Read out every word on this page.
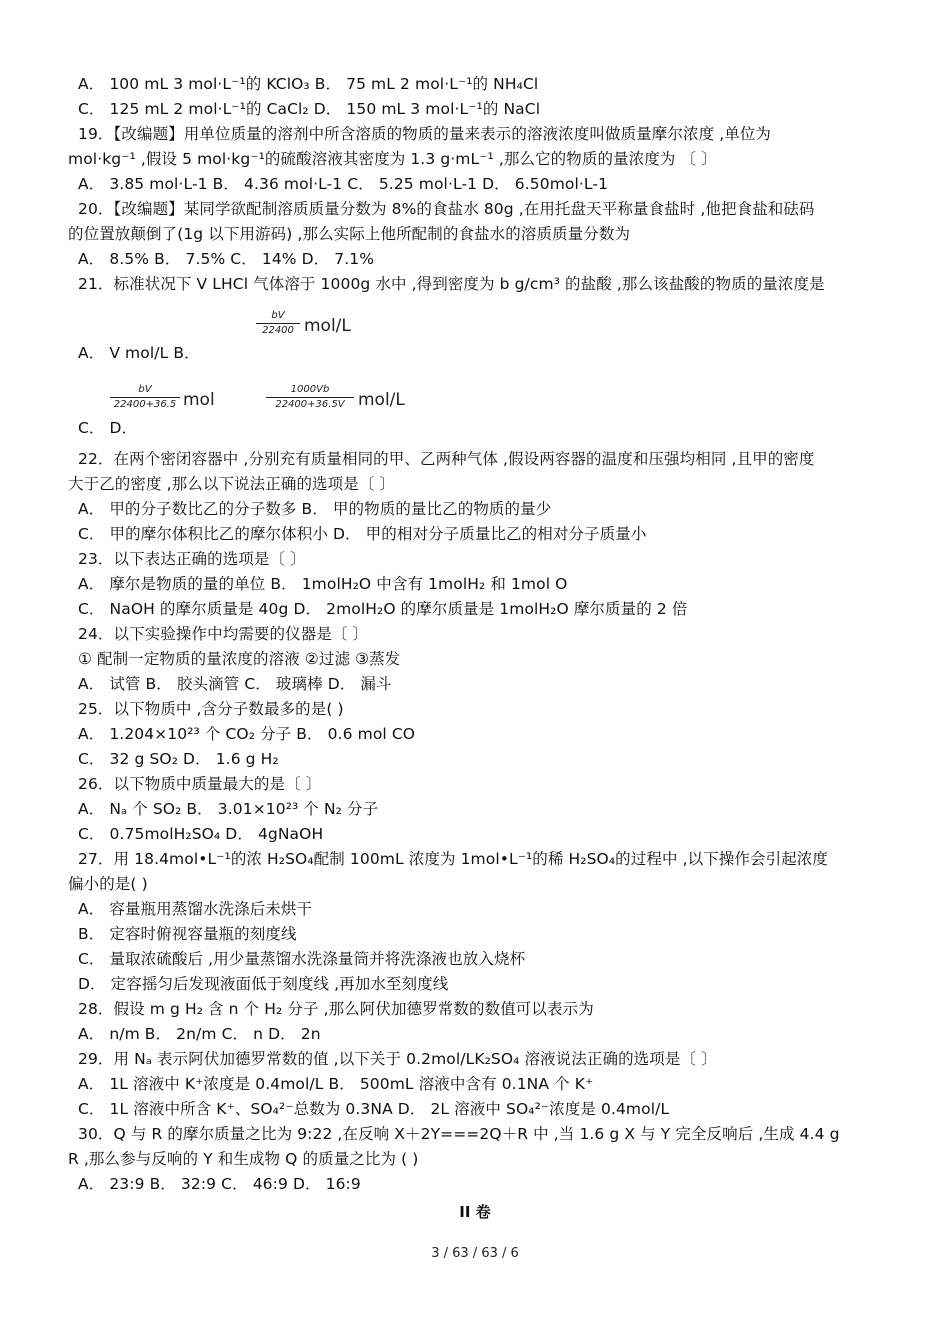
A． 100 mL 3 mol·L⁻¹的 KClO₃ B． 75 mL 2 mol·L⁻¹的 NH₄Cl
C． 125 mL 2 mol·L⁻¹的 CaCl₂ D． 150 mL 3 mol·L⁻¹的 NaCl
19．【改编题】用单位质量的溶剂中所含溶质的物质的量来表示的溶液浓度叫做质量摩尔浓度 ,单位为
mol·kg⁻¹ ,假设 5 mol·kg⁻¹的硫酸溶液其密度为 1.3 g·mL⁻¹ ,那么它的物质的量浓度为 〔 〕
A． 3.85 mol·L-1 B． 4.36 mol·L-1 C． 5.25 mol·L-1 D． 6.50mol·L-1
20．【改编题】某同学欲配制溶质质量分数为 8%的食盐水 80g ,在用托盘天平称量食盐时 ,他把食盐和砝码
的位置放颠倒了(1g 以下用游码) ,那么实际上他所配制的食盐水的溶质质量分数为
A． 8.5% B． 7.5% C． 14% D． 7.1%
21．标准状况下 V LHCl 气体溶于 1000g 水中 ,得到密度为 b g/cm³ 的盐酸 ,那么该盐酸的物质的量浓度是
A． V mol/L B．
bV
22400 mol/L
C． D．
bV
22400+36.5 mol
1000Vb
22400+36.5V mol/L
22．在两个密闭容器中 ,分别充有质量相同的甲、乙两种气体 ,假设两容器的温度和压强均相同 ,且甲的密度
大于乙的密度 ,那么以下说法正确的选项是〔 〕
A． 甲的分子数比乙的分子数多 B． 甲的物质的量比乙的物质的量少
C． 甲的摩尔体积比乙的摩尔体积小 D． 甲的相对分子质量比乙的相对分子质量小
23．以下表达正确的选项是〔 〕
A． 摩尔是物质的量的单位 B． 1molH₂O 中含有 1molH₂ 和 1mol O
C． NaOH 的摩尔质量是 40g D． 2molH₂O 的摩尔质量是 1molH₂O 摩尔质量的 2 倍
24．以下实验操作中均需要的仪器是〔 〕
① 配制一定物质的量浓度的溶液 ②过滤 ③蒸发
A． 试管 B． 胶头滴管 C． 玻璃棒 D． 漏斗
25．以下物质中 ,含分子数最多的是( )
A． 1.204×10²³ 个 CO₂ 分子 B． 0.6 mol CO
C． 32 g SO₂ D． 1.6 g H₂
26．以下物质中质量最大的是〔 〕
A． Nₐ 个 SO₂ B． 3.01×10²³ 个 N₂ 分子
C． 0.75molH₂SO₄ D． 4gNaOH
27．用 18.4mol•L⁻¹的浓 H₂SO₄配制 100mL 浓度为 1mol•L⁻¹的稀 H₂SO₄的过程中 ,以下操作会引起浓度
偏小的是( )
A． 容量瓶用蒸馏水洗涤后未烘干
B． 定容时俯视容量瓶的刻度线
C． 量取浓硫酸后 ,用少量蒸馏水洗涤量筒并将洗涤液也放入烧杯
D． 定容摇匀后发现液面低于刻度线 ,再加水至刻度线
28．假设 m g H₂ 含 n 个 H₂ 分子 ,那么阿伏加德罗常数的数值可以表示为
A． n/m B． 2n/m C． n D． 2n
29．用 Nₐ 表示阿伏加德罗常数的值 ,以下关于 0.2mol/LK₂SO₄ 溶液说法正确的选项是〔 〕
A． 1L 溶液中 K⁺浓度是 0.4mol/L B． 500mL 溶液中含有 0.1NA 个 K⁺
C． 1L 溶液中所含 K⁺、SO₄²⁻总数为 0.3NA D． 2L 溶液中 SO₄²⁻浓度是 0.4mol/L
30．Q 与 R 的摩尔质量之比为 9:22 ,在反响 X＋2Y===2Q＋R 中 ,当 1.6 g X 与 Y 完全反响后 ,生成 4.4 g
R ,那么参与反响的 Y 和生成物 Q 的质量之比为 ( )
A． 23:9 B． 32:9 C． 46:9 D． 16:9
II 卷
3 / 63 / 63 / 6
